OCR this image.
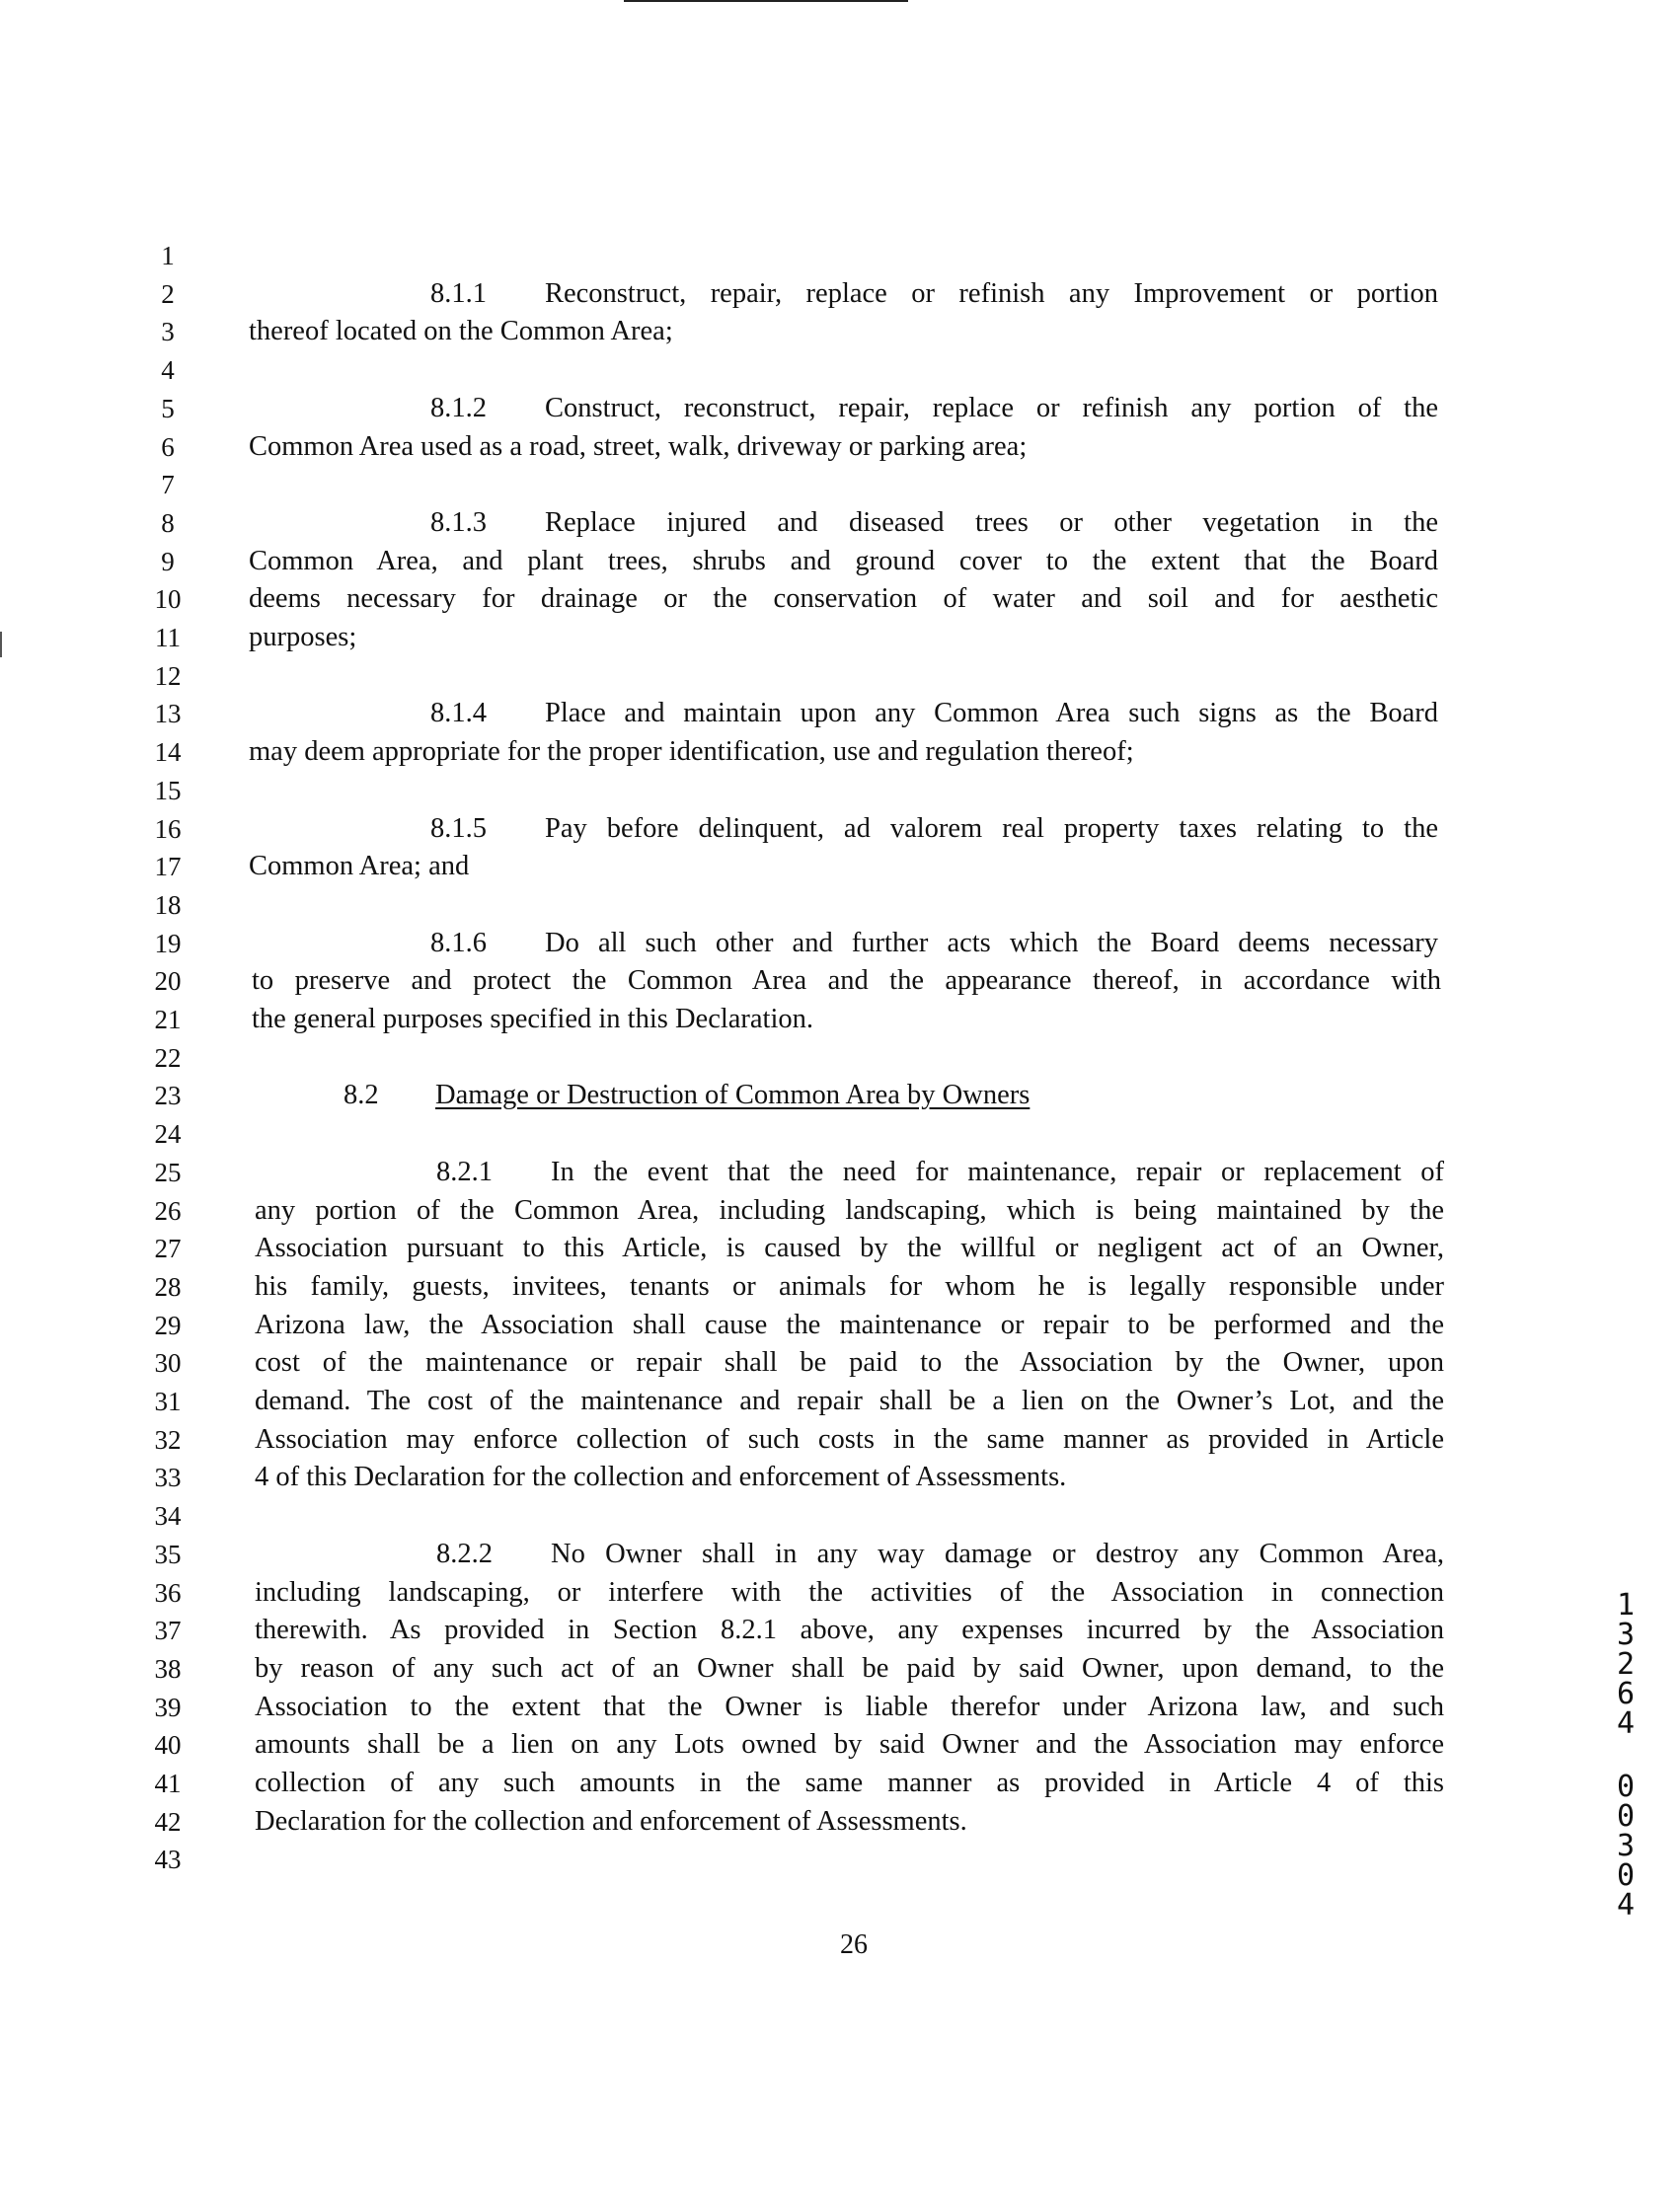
1
2	8.1.1 Reconstruct, repair, replace or refinish any Improvement or portion
3	thereof located on the Common Area;
4
5	8.1.2 Construct, reconstruct, repair, replace or refinish any portion of the
6	Common Area used as a road, street, walk, driveway or parking area;
7
8	8.1.3 Replace injured and diseased trees or other vegetation in the
9	Common Area, and plant trees, shrubs and ground cover to the extent that the Board
10 deems necessary for drainage or the conservation of water and soil and for aesthetic
11 purposes;
12
13	8.1.4 Place and maintain upon any Common Area such signs as the Board
14 may deem appropriate for the proper identification, use and regulation thereof;
15
16	8.1.5 Pay before delinquent, ad valorem real property taxes relating to the
17 Common Area; and
18
19	8.1.6 Do all such other and further acts which the Board deems necessary
20	to preserve and protect the Common Area and the appearance thereof, in accordance with
21	the general purposes specified in this Declaration.
22
23	8.2 Damage or Destruction of Common Area by Owners
24
25	8.2.1 In the event that the need for maintenance, repair or replacement of
26	any portion of the Common Area, including landscaping, which is being maintained by the
27	Association pursuant to this Article, is caused by the willful or negligent act of an Owner,
28	his family, guests, invitees, tenants or animals for whom he is legally responsible under
29	Arizona law, the Association shall cause the maintenance or repair to be performed and the
30	cost of the maintenance or repair shall be paid to the Association by the Owner, upon
31	demand. The cost of the maintenance and repair shall be a lien on the Owner’s Lot, and the
32	Association may enforce collection of such costs in the same manner as provided in Article
33	4 of this Declaration for the collection and enforcement of Assessments.
34
35	8.2.2 No Owner shall in any way damage or destroy any Common Area,
36	including landscaping, or interfere with the activities of the Association in connection
37	therewith. As provided in Section 8.2.1 above, any expenses incurred by the Association
38	by reason of any such act of an Owner shall be paid by said Owner, upon demand, to the
39	Association to the extent that the Owner is liable therefor under Arizona law, and such
40	amounts shall be a lien on any Lots owned by said Owner and the Association may enforce
41	collection of any such amounts in the same manner as provided in Article 4 of this
42	Declaration for the collection and enforcement of Assessments.
43
26
1
3
2
6
4
0
0
3
0
4
